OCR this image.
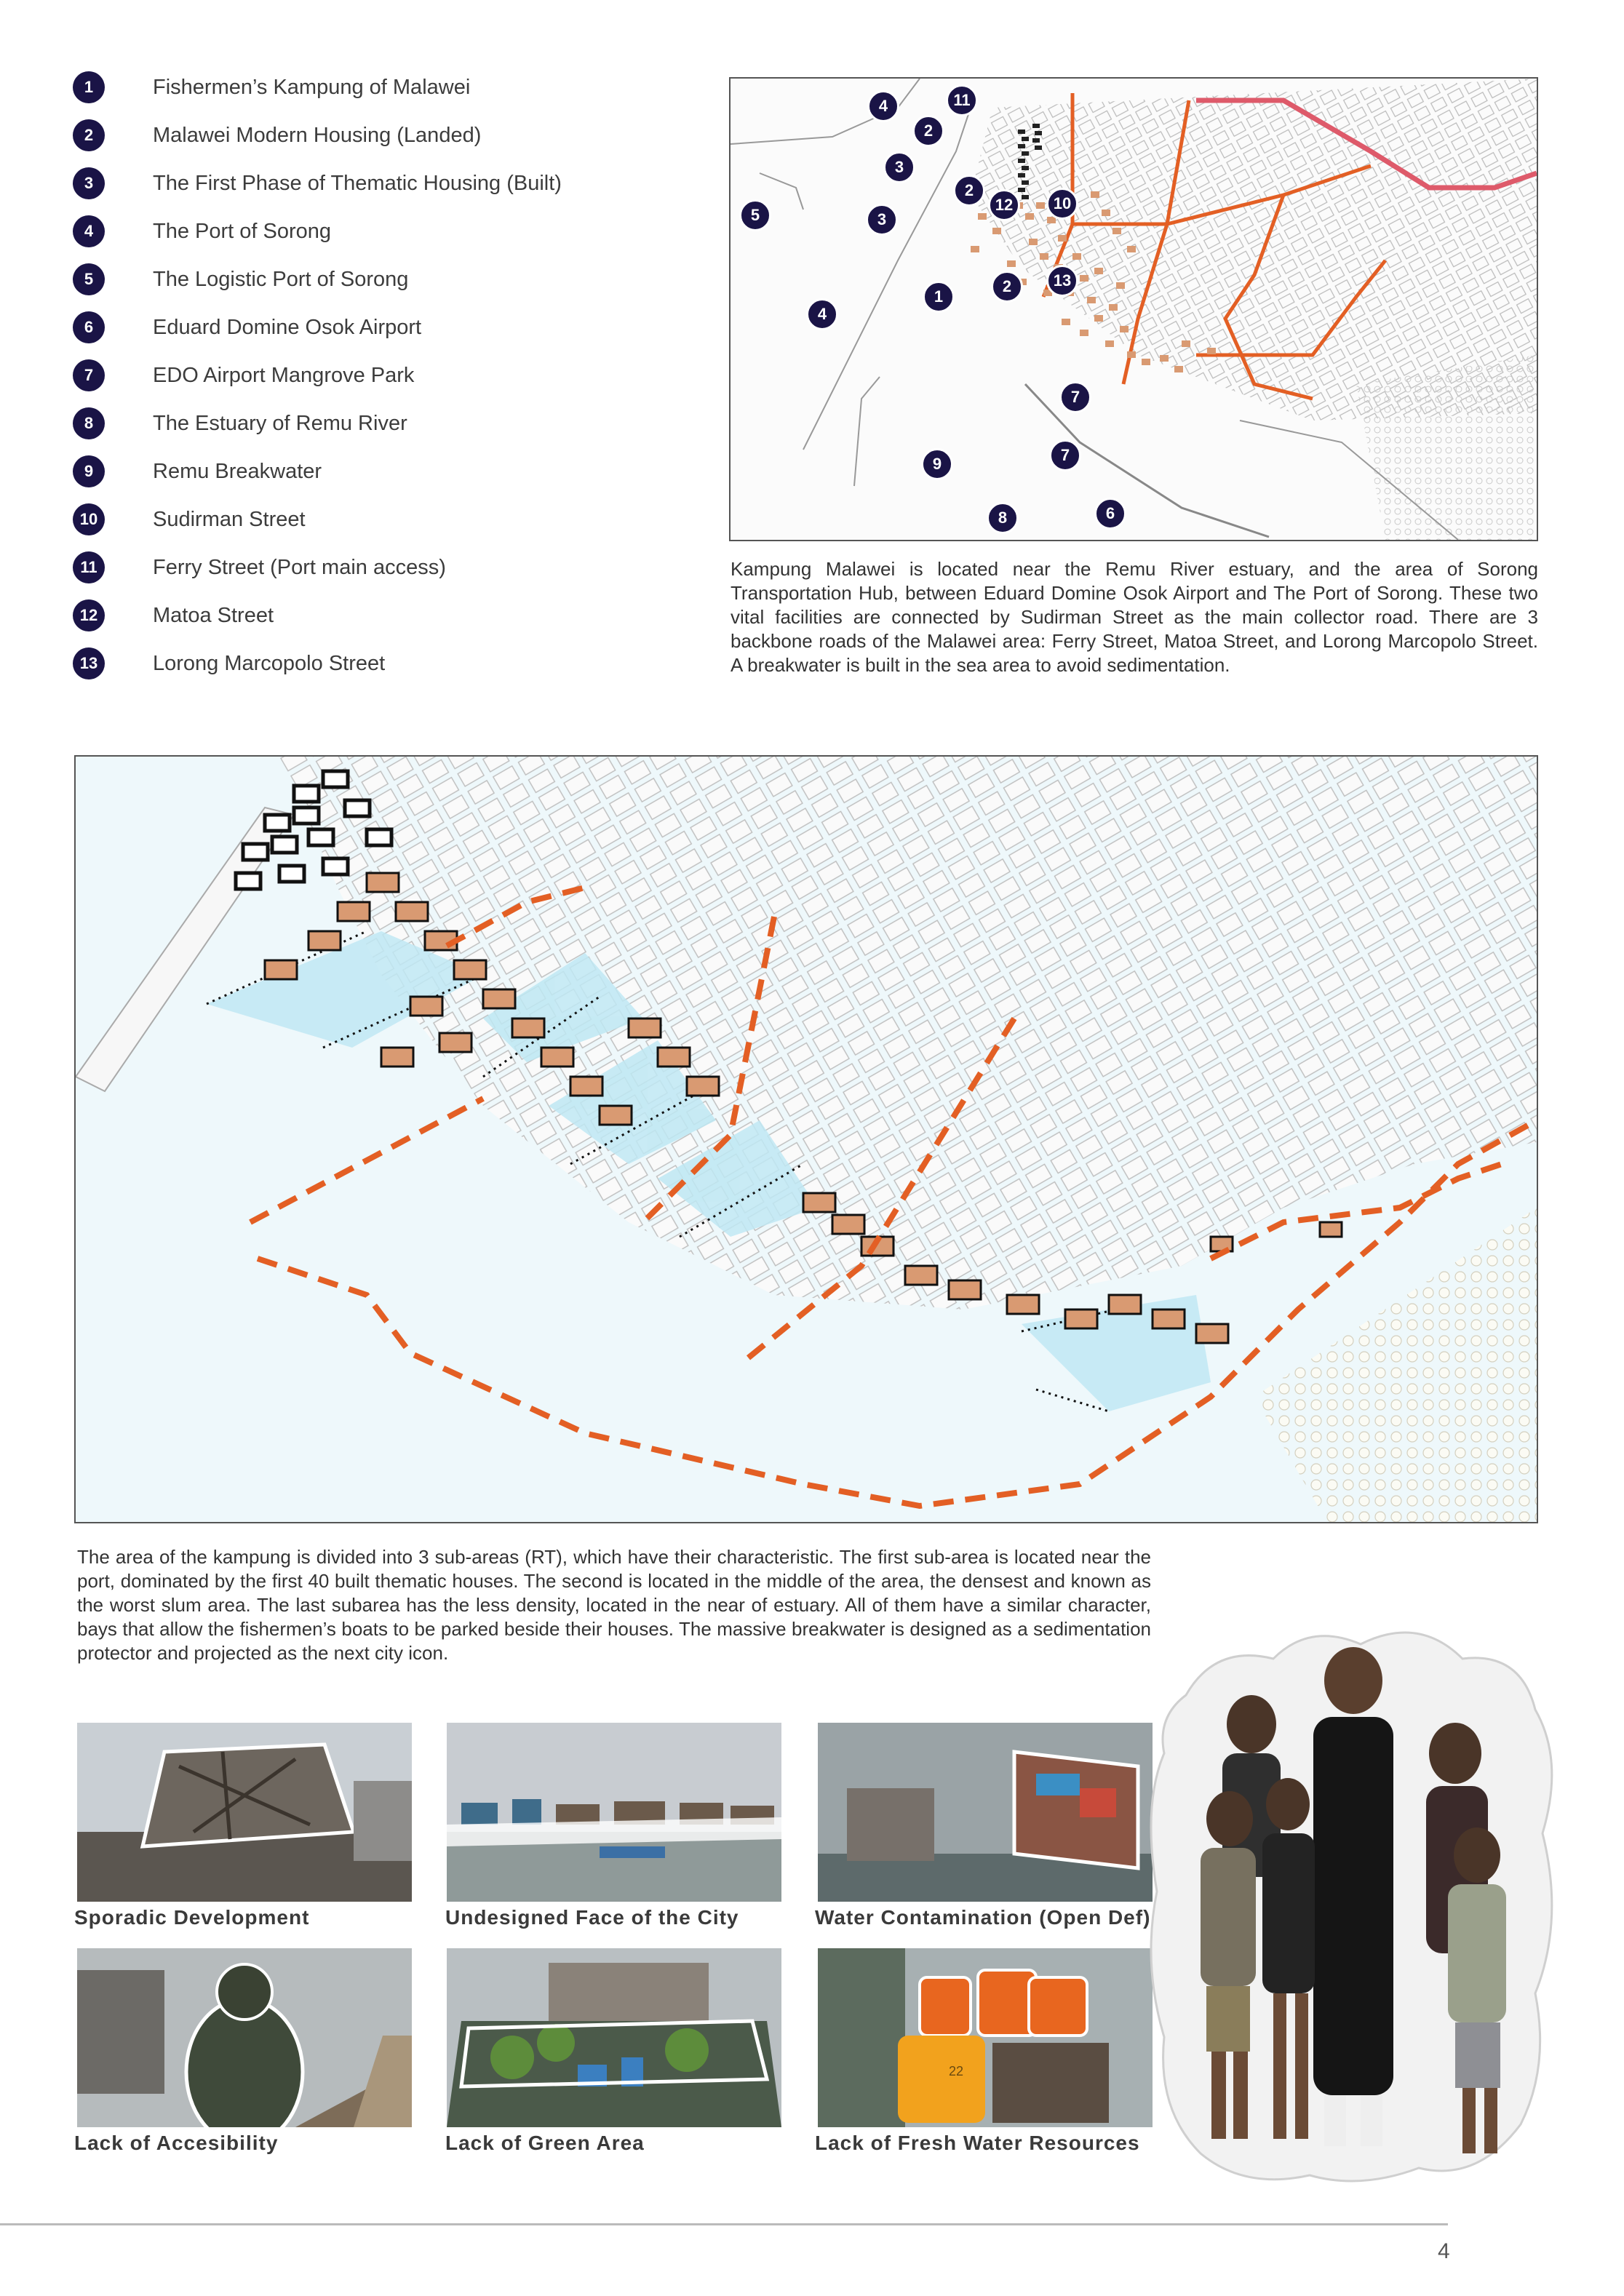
1	Fishermen’s Kampung of Malawei
2	Malawei Modern Housing (Landed)
3	The First Phase of Thematic Housing (Built)
4	The Port of Sorong
5	The Logistic Port of Sorong
6	Eduard Domine Osok Airport
7	EDO Airport Mangrove Park
8	The Estuary of Remu River
9	Remu Breakwater
10	Sudirman Street
11	Ferry Street (Port main access)
12	Matoa Street
13	Lorong Marcopolo Street
3
5
4
2
11
3
2
12	10
4
1
2	13
7
7
9
8	6
Kampung Malawei is located near the Remu River estuary, and the area of Sorong Transportation Hub, between Eduard Domine Osok Airport and The Port of Sorong. These two vital facilities are connected by Sudirman Street as the main collector road. There are 3 backbone roads of the Malawei area: Ferry Street, Matoa Street, and Lorong Marcopolo Street. A breakwater is built in the sea area to avoid sedimentation.
The area of the kampung is divided into 3 sub-areas (RT), which have their characteristic. The first sub-area is located near the port, dominated by the first 40 built thematic houses. The second is located in the middle of the area, the densest and known as the worst slum area. The last subarea has the less density, located in the near of estuary. All of them have a similar character, bays that allow the fishermen’s boats to be parked beside their houses. The massive breakwater is designed as a sedimentation protector and projected as the next city icon.
Sporadic Development	Undesigned Face of the City	Water Contamination (Open Def)
Lack of Accesibility	Lack of Green Area
22
Lack of Fresh Water Resources
4
